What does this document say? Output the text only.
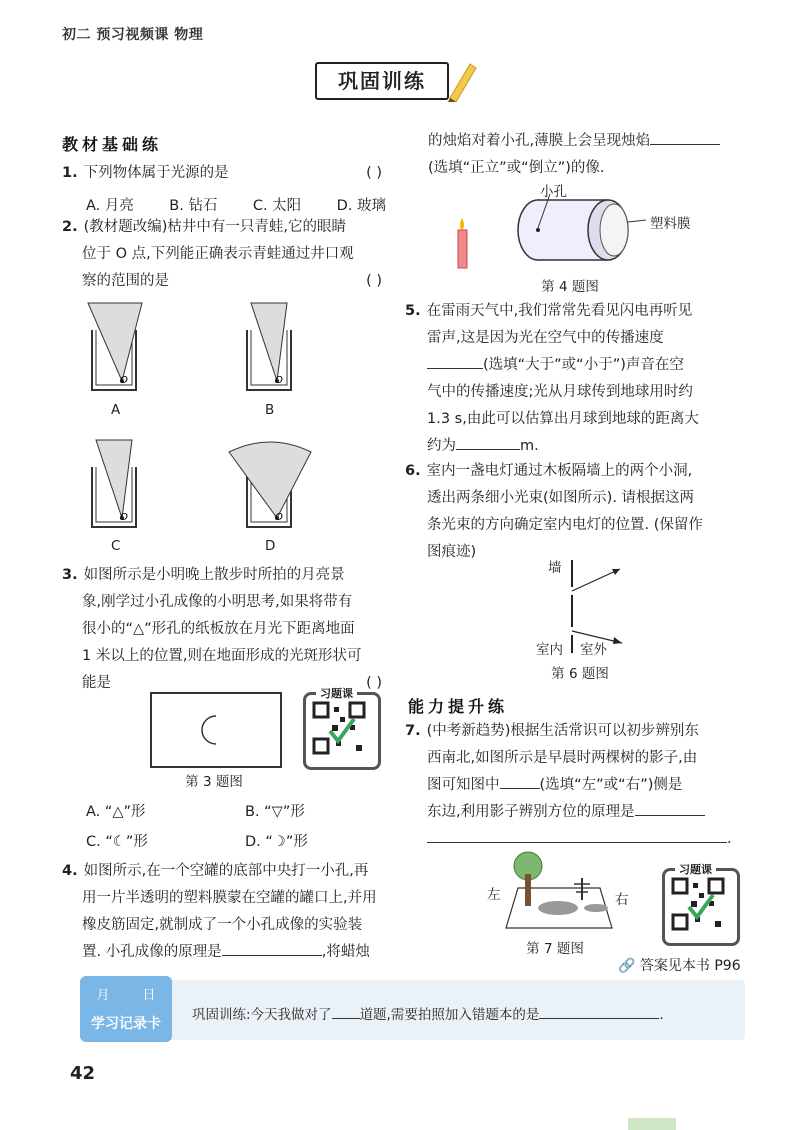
初二 预习视频课 物理
巩固训练
教材基础练
1. 下列物体属于光源的是	( )
A. 月亮 B. 钻石 C. 太阳 D. 玻璃
2. (教材题改编)枯井中有一只青蛙,它的眼睛
位于 O 点,下列能正确表示青蛙通过井口观
察的范围的是	( )
O
A
O
B
O
C
O
D
3. 如图所示是小明晚上散步时所拍的月亮景
象,刚学过小孔成像的小明思考,如果将带有
很小的“△”形孔的纸板放在月光下距离地面
1 米以上的位置,则在地面形成的光斑形状可
能是	( )
习题课
第 3 题图
A. “△”形	B. “▽”形
C. “☾”形	D. “☽”形
4. 如图所示,在一个空罐的底部中央打一小孔,再
用一片半透明的塑料膜蒙在空罐的罐口上,并用
橡皮筋固定,就制成了一个小孔成像的实验装
置. 小孔成像的原理是	,将蜡烛
的烛焰对着小孔,薄膜上会呈现烛焰
(选填“正立”或“倒立”)的像.
小孔
塑料膜
第 4 题图
5. 在雷雨天气中,我们常常先看见闪电再听见
雷声,这是因为光在空气中的传播速度
(选填“大于”或“小于”)声音在空
气中的传播速度;光从月球传到地球用时约
1.3 s,由此可以估算出月球到地球的距离大
约为	m.
6. 室内一盏电灯通过木板隔墙上的两个小洞,
透出两条细小光束(如图所示). 请根据这两
条光束的方向确定室内电灯的位置. (保留作
图痕迹)
墙
室内 室外
第 6 题图
能力提升练
7. (中考新趋势)根据生活常识可以初步辨别东
西南北,如图所示是早晨时两棵树的影子,由
图可知图中	(选填“左”或“右”)侧是
东边,利用影子辨别方位的原理是
.
左	右
第 7 题图
习题课
🔗 答案见本书 P96
月	日
学习记录卡
巩固训练:今天我做对了 道题,需要拍照加入错题本的是	.
42
